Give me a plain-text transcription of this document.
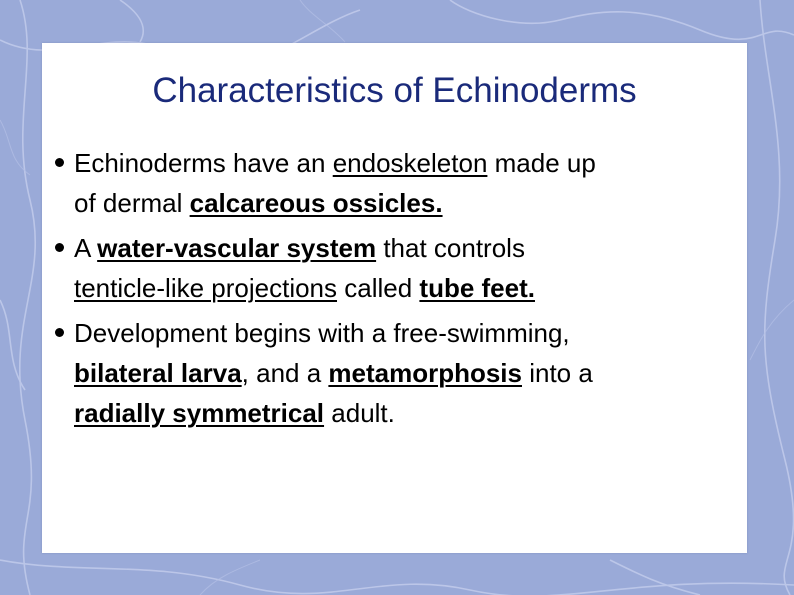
Characteristics of Echinoderms
Echinoderms have an endoskeleton made up
of dermal calcareous ossicles.
A water-vascular system that controls
tenticle-like projections called tube feet.
Development begins with a free-swimming,
bilateral larva, and a metamorphosis into a
radially symmetrical adult.
